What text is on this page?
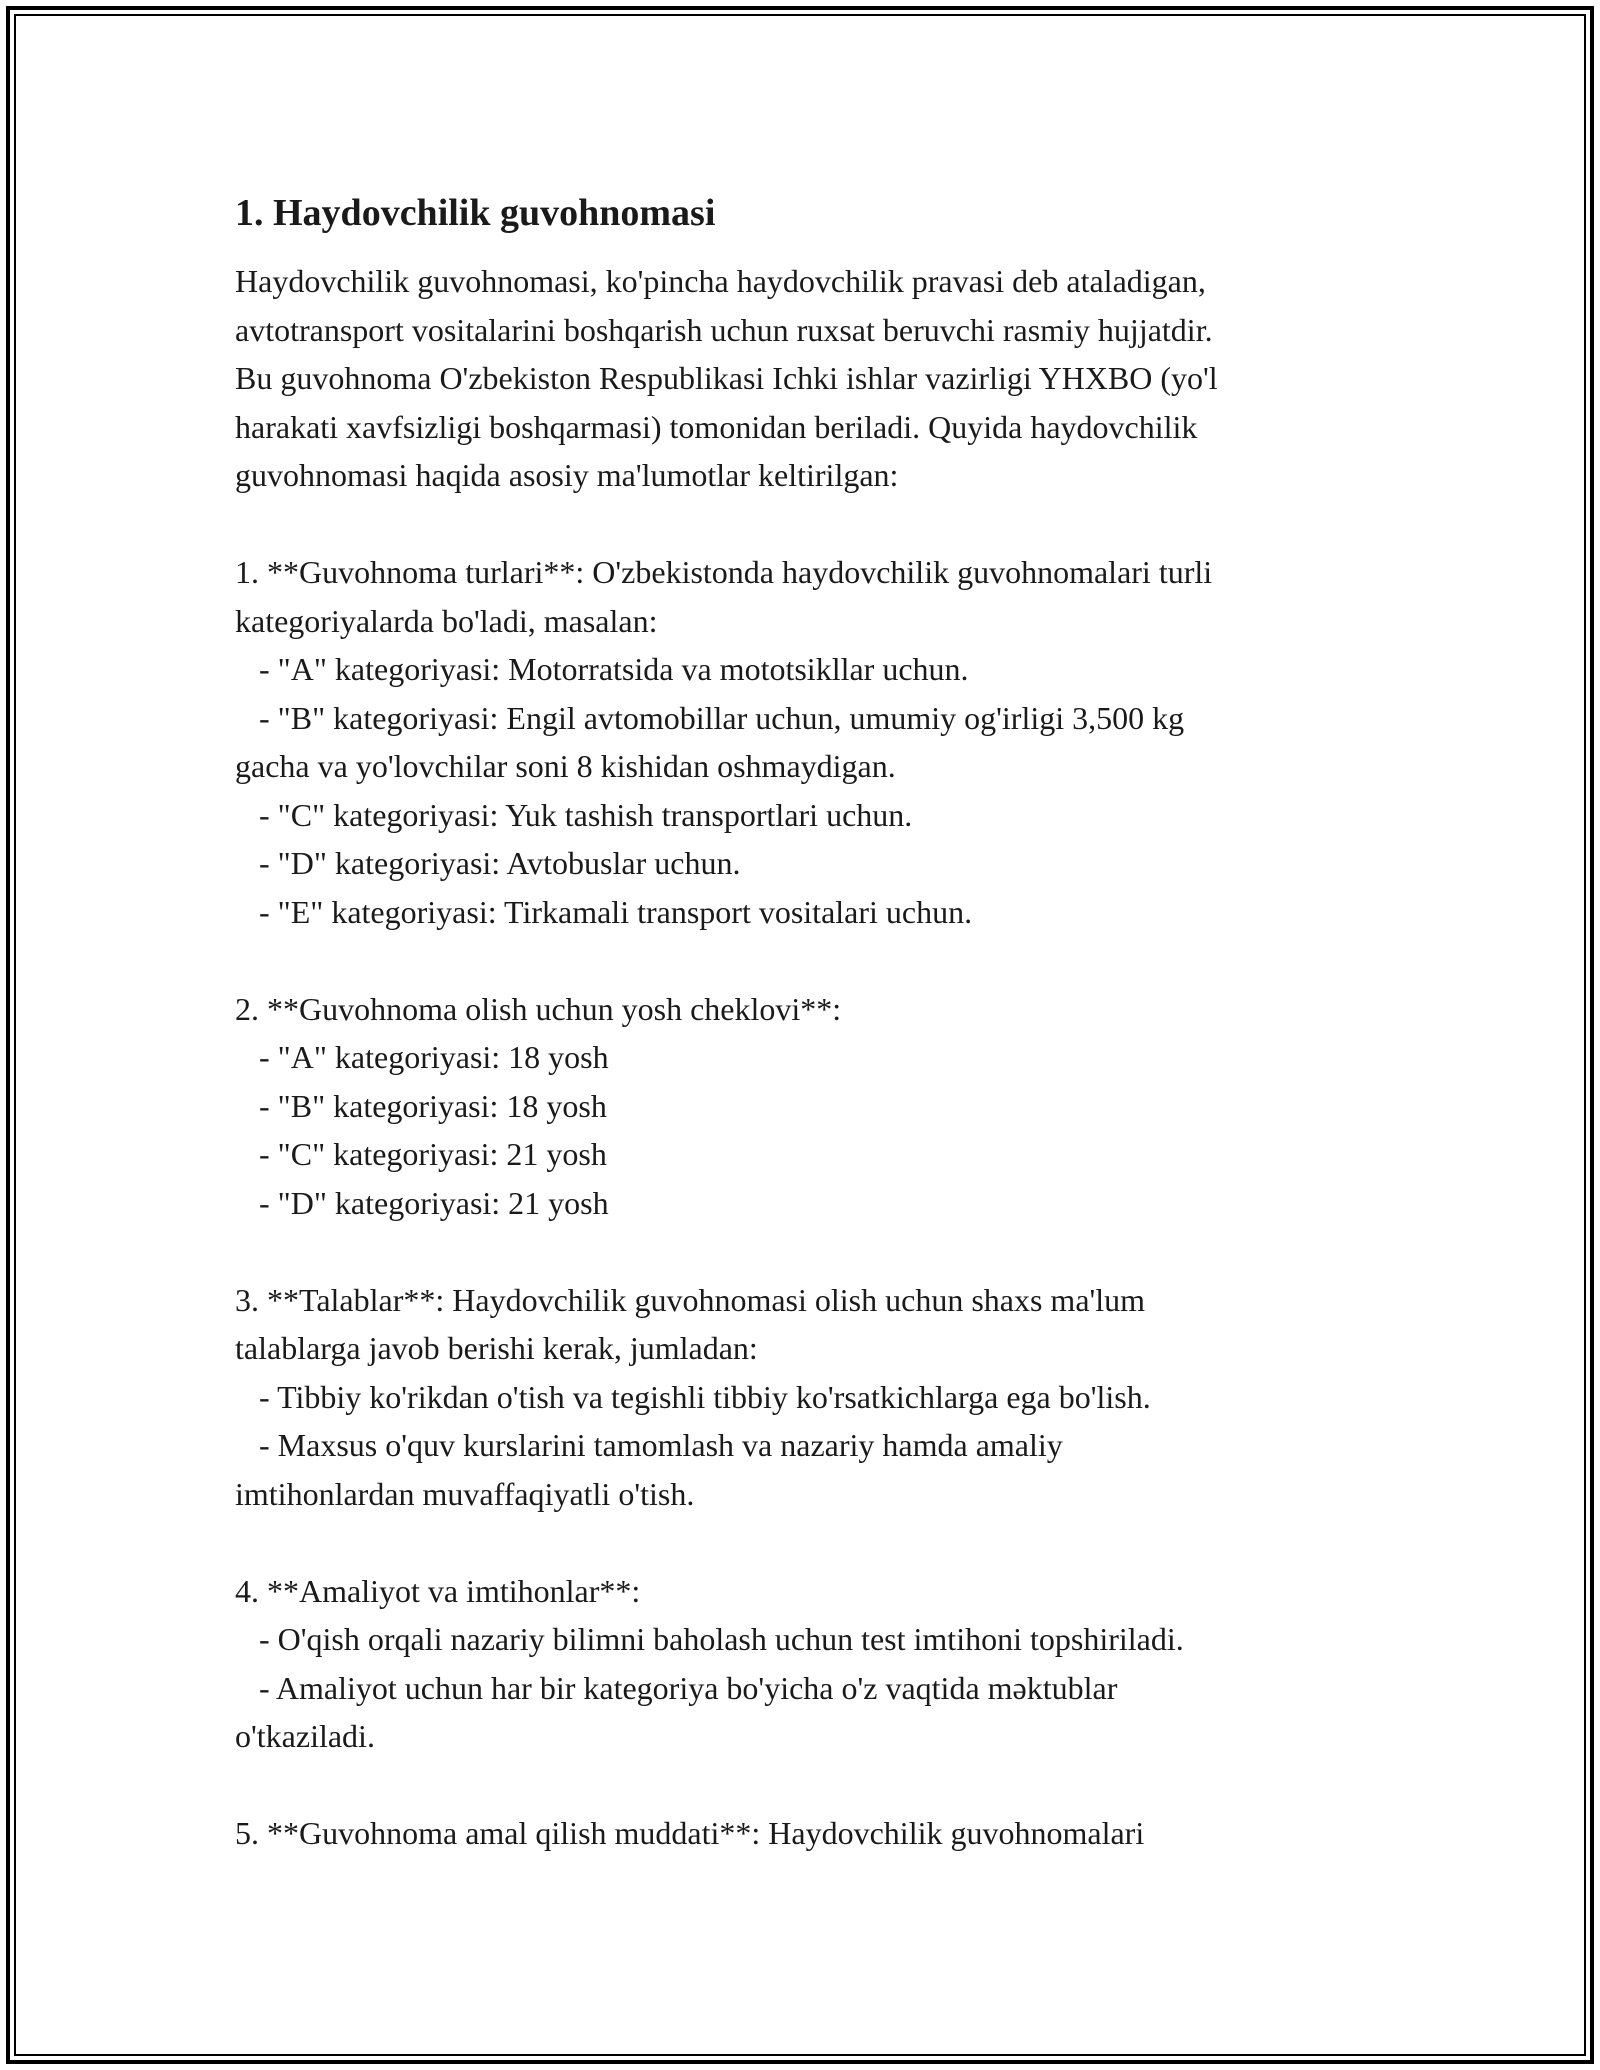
1. Haydovchilik guvohnomasi
Haydovchilik guvohnomasi, ko'pincha haydovchilik pravasi deb ataladigan,
avtotransport vositalarini boshqarish uchun ruxsat beruvchi rasmiy hujjatdir.
Bu guvohnoma O'zbekiston Respublikasi Ichki ishlar vazirligi YHXBO (yo'l
harakati xavfsizligi boshqarmasi) tomonidan beriladi. Quyida haydovchilik
guvohnomasi haqida asosiy ma'lumotlar keltirilgan:
1. **Guvohnoma turlari**: O'zbekistonda haydovchilik guvohnomalari turli
kategoriyalarda bo'ladi, masalan:
- "A" kategoriyasi: Motorratsida va mototsikllar uchun.
- "B" kategoriyasi: Engil avtomobillar uchun, umumiy og'irligi 3,500 kg
gacha va yo'lovchilar soni 8 kishidan oshmaydigan.
- "C" kategoriyasi: Yuk tashish transportlari uchun.
- "D" kategoriyasi: Avtobuslar uchun.
- "E" kategoriyasi: Tirkamali transport vositalari uchun.
2. **Guvohnoma olish uchun yosh cheklovi**:
- "A" kategoriyasi: 18 yosh
- "B" kategoriyasi: 18 yosh
- "C" kategoriyasi: 21 yosh
- "D" kategoriyasi: 21 yosh
3. **Talablar**: Haydovchilik guvohnomasi olish uchun shaxs ma'lum
talablarga javob berishi kerak, jumladan:
- Tibbiy ko'rikdan o'tish va tegishli tibbiy ko'rsatkichlarga ega bo'lish.
- Maxsus o'quv kurslarini tamomlash va nazariy hamda amaliy
imtihonlardan muvaffaqiyatli o'tish.
4. **Amaliyot va imtihonlar**:
- O'qish orqali nazariy bilimni baholash uchun test imtihoni topshiriladi.
- Amaliyot uchun har bir kategoriya bo'yicha o'z vaqtida məktublar
o'tkaziladi.
5. **Guvohnoma amal qilish muddati**: Haydovchilik guvohnomalari
